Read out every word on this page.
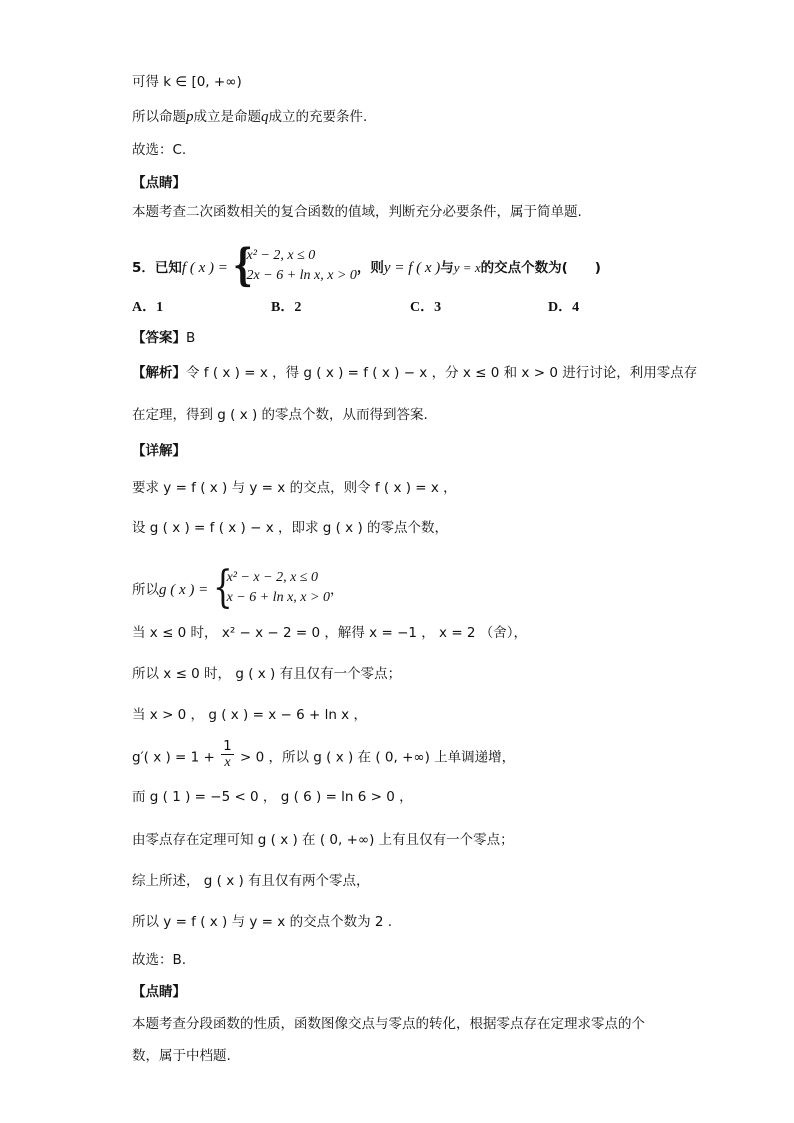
可得 k ∈ [0, +∞)
所以命题p成立是命题q成立的充要条件.
故选：C.
【点睛】
本题考查二次函数相关的复合函数的值域，判断充分必要条件，属于简单题.
5．已知f ( x ) = {
x² − 2, x ≤ 0
2x − 6 + ln x, x > 0 ，则y = f ( x )与y = x的交点个数为(　　)
A．1	B．2	C．3	D．4
【答案】B
【解析】令 f ( x ) = x ，得 g ( x ) = f ( x ) − x ，分 x ≤ 0 和 x > 0 进行讨论，利用零点存
在定理，得到 g ( x ) 的零点个数，从而得到答案.
【详解】
要求 y = f ( x ) 与 y = x 的交点，则令 f ( x ) = x ，
设 g ( x ) = f ( x ) − x ，即求 g ( x ) 的零点个数，
所以g ( x ) = {
x² − x − 2, x ≤ 0
x − 6 + ln x, x > 0 ，
当 x ≤ 0 时， x² − x − 2 = 0 ，解得 x = −1 ， x = 2 （舍），
所以 x ≤ 0 时， g ( x ) 有且仅有一个零点；
当 x > 0 ， g ( x ) = x − 6 + ln x ，
g′( x ) = $1 + \frac{1}{x} > 0$ ，所以 g ( x ) 在 ( 0, +∞) 上单调递增，
而 g ( 1 ) = −5 < 0 ， g ( 6 ) = ln 6 > 0 ，
由零点存在定理可知 g ( x ) 在 ( 0, +∞) 上有且仅有一个零点；
综上所述， g ( x ) 有且仅有两个零点，
所以 y = f ( x ) 与 y = x 的交点个数为 2 .
故选：B.
【点睛】
本题考查分段函数的性质，函数图像交点与零点的转化，根据零点存在定理求零点的个
数，属于中档题.
